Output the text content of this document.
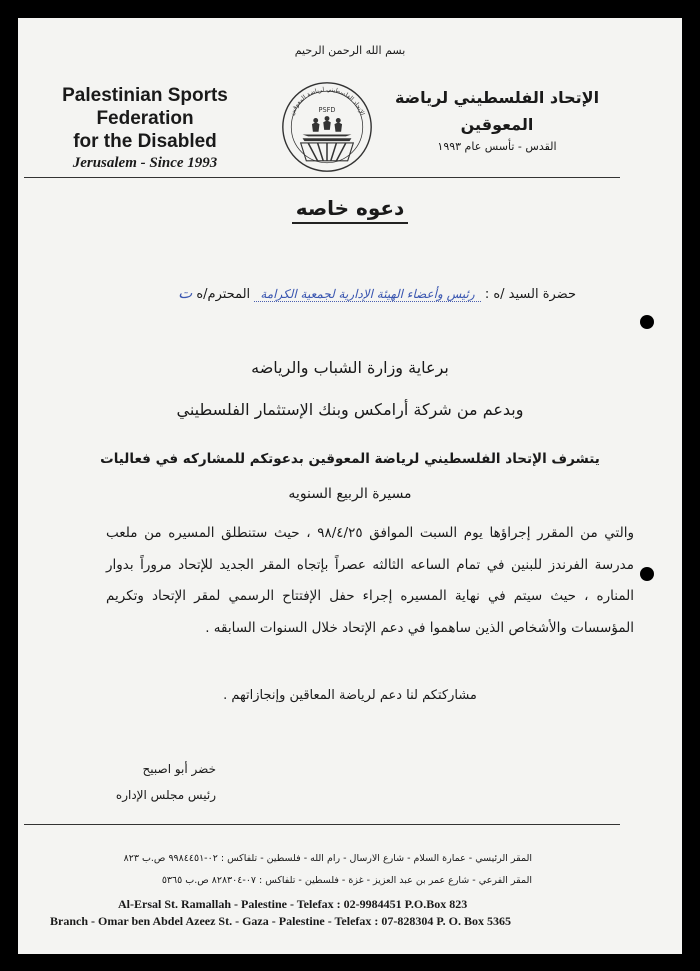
بسم الله الرحمن الرحيم
Palestinian Sports
Federation
for the Disabled
Jerusalem - Since 1993
الإتحاد الفلسطيني لرياضة المعوقين
PSFD
الإتحاد الفلسطيني لرياضة
المعوقين
القدس - تأسس عام ١٩٩٣
دعوه خاصه
حضرة السيد /ه : رئيس وأعضاء الهيئة الإدارية لجمعية الكرامة المحترم/ه ت
برعاية وزارة الشباب والرياضه
وبدعم من شركة أرامكس وبنك الإستثمار الفلسطيني
يتشرف الإتحاد الفلسطيني لرياضة المعوقين بدعوتكم للمشاركه في فعاليات
مسيرة الربيع السنويه
والتي من المقرر إجراؤها يوم السبت الموافق ٩٨/٤/٢٥ ، حيث ستنطلق المسيره من ملعب مدرسة الفرندز للبنين في تمام الساعه الثالثه عصراً بإتجاه المقر الجديد للإتحاد مروراً بدوار المناره ، حيث سيتم في نهاية المسيره إجراء حفل الإفتتاح الرسمي لمقر الإتحاد وتكريم المؤسسات والأشخاص الذين ساهموا في دعم الإتحاد خلال السنوات السابقه .
مشاركتكم لنا دعم لرياضة المعاقين وإنجازاتهم .
خضر أبو اصبيح
رئيس مجلس الإداره
المقر الرئيسي - عمارة السلام - شارع الارسال - رام الله - فلسطين - تلفاكس : ٠٢-٩٩٨٤٤٥١ ص.ب ٨٢٣
المقر الفرعي - شارع عمر بن عبد العزيز - غزة - فلسطين - تلفاكس : ٠٧-٨٢٨٣٠٤ ص.ب ٥٣٦٥
Al-Ersal St. Ramallah - Palestine - Telefax : 02-9984451 P.O.Box 823
Branch - Omar ben Abdel Azeez St. - Gaza - Palestine - Telefax : 07-828304 P. O. Box 5365
